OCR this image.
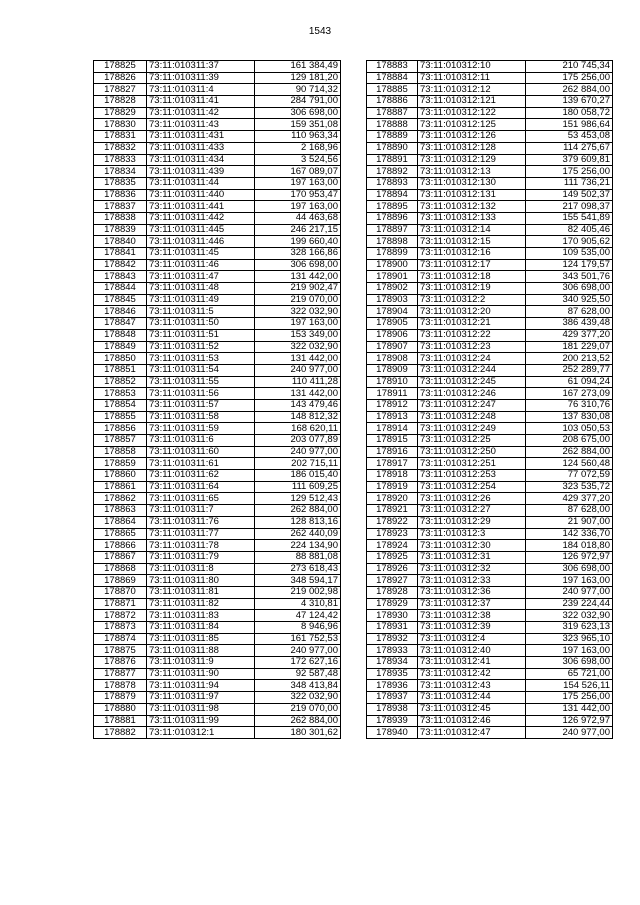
1543
178825	73:11:010311:37	161 384,49
178826	73:11:010311:39	129 181,20
178827	73:11:010311:4	90 714,32
178828	73:11:010311:41	284 791,00
178829	73:11:010311:42	306 698,00
178830	73:11:010311:43	159 351,08
178831	73:11:010311:431	110 963,34
178832	73:11:010311:433	2 168,96
178833	73:11:010311:434	3 524,56
178834	73:11:010311:439	167 089,07
178835	73:11:010311:44	197 163,00
178836	73:11:010311:440	170 953,47
178837	73:11:010311:441	197 163,00
178838	73:11:010311:442	44 463,68
178839	73:11:010311:445	246 217,15
178840	73:11:010311:446	199 660,40
178841	73:11:010311:45	328 166,86
178842	73:11:010311:46	306 698,00
178843	73:11:010311:47	131 442,00
178844	73:11:010311:48	219 902,47
178845	73:11:010311:49	219 070,00
178846	73:11:010311:5	322 032,90
178847	73:11:010311:50	197 163,00
178848	73:11:010311:51	153 349,00
178849	73:11:010311:52	322 032,90
178850	73:11:010311:53	131 442,00
178851	73:11:010311:54	240 977,00
178852	73:11:010311:55	110 411,28
178853	73:11:010311:56	131 442,00
178854	73:11:010311:57	143 479,46
178855	73:11:010311:58	148 812,32
178856	73:11:010311:59	168 620,11
178857	73:11:010311:6	203 077,89
178858	73:11:010311:60	240 977,00
178859	73:11:010311:61	202 715,11
178860	73:11:010311:62	186 015,40
178861	73:11:010311:64	111 609,25
178862	73:11:010311:65	129 512,43
178863	73:11:010311:7	262 884,00
178864	73:11:010311:76	128 813,16
178865	73:11:010311:77	262 440,09
178866	73:11:010311:78	224 134,90
178867	73:11:010311:79	88 881,08
178868	73:11:010311:8	273 618,43
178869	73:11:010311:80	348 594,17
178870	73:11:010311:81	219 002,98
178871	73:11:010311:82	4 310,81
178872	73:11:010311:83	47 124,42
178873	73:11:010311:84	8 946,96
178874	73:11:010311:85	161 752,53
178875	73:11:010311:88	240 977,00
178876	73:11:010311:9	172 627,16
178877	73:11:010311:90	92 587,48
178878	73:11:010311:94	348 413,84
178879	73:11:010311:97	322 032,90
178880	73:11:010311:98	219 070,00
178881	73:11:010311:99	262 884,00
178882	73:11:010312:1	180 301,62
178883	73:11:010312:10	210 745,34
178884	73:11:010312:11	175 256,00
178885	73:11:010312:12	262 884,00
178886	73:11:010312:121	139 670,27
178887	73:11:010312:122	180 058,72
178888	73:11:010312:125	151 986,64
178889	73:11:010312:126	53 453,08
178890	73:11:010312:128	114 275,67
178891	73:11:010312:129	379 609,81
178892	73:11:010312:13	175 256,00
178893	73:11:010312:130	111 736,21
178894	73:11:010312:131	149 502,37
178895	73:11:010312:132	217 098,37
178896	73:11:010312:133	155 541,89
178897	73:11:010312:14	82 405,46
178898	73:11:010312:15	170 905,62
178899	73:11:010312:16	109 535,00
178900	73:11:010312:17	124 179,57
178901	73:11:010312:18	343 501,76
178902	73:11:010312:19	306 698,00
178903	73:11:010312:2	340 925,50
178904	73:11:010312:20	87 628,00
178905	73:11:010312:21	386 439,48
178906	73:11:010312:22	429 377,20
178907	73:11:010312:23	181 229,07
178908	73:11:010312:24	200 213,52
178909	73:11:010312:244	252 289,77
178910	73:11:010312:245	61 094,24
178911	73:11:010312:246	167 273,09
178912	73:11:010312:247	76 310,76
178913	73:11:010312:248	137 830,08
178914	73:11:010312:249	103 050,53
178915	73:11:010312:25	208 675,00
178916	73:11:010312:250	262 884,00
178917	73:11:010312:251	124 560,48
178918	73:11:010312:253	77 072,59
178919	73:11:010312:254	323 535,72
178920	73:11:010312:26	429 377,20
178921	73:11:010312:27	87 628,00
178922	73:11:010312:29	21 907,00
178923	73:11:010312:3	142 336,70
178924	73:11:010312:30	184 018,80
178925	73:11:010312:31	126 972,97
178926	73:11:010312:32	306 698,00
178927	73:11:010312:33	197 163,00
178928	73:11:010312:36	240 977,00
178929	73:11:010312:37	239 224,44
178930	73:11:010312:38	322 032,90
178931	73:11:010312:39	319 623,13
178932	73:11:010312:4	323 965,10
178933	73:11:010312:40	197 163,00
178934	73:11:010312:41	306 698,00
178935	73:11:010312:42	65 721,00
178936	73:11:010312:43	154 526,11
178937	73:11:010312:44	175 256,00
178938	73:11:010312:45	131 442,00
178939	73:11:010312:46	126 972,97
178940	73:11:010312:47	240 977,00
